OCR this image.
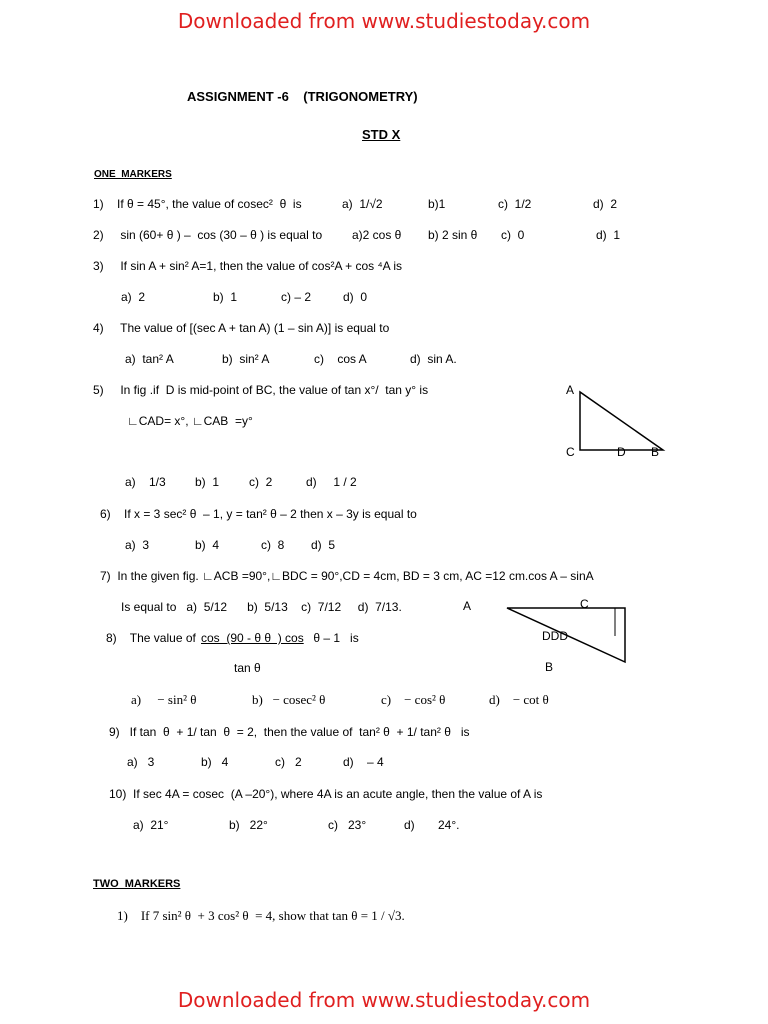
Downloaded from www.studiestoday.com
ASSIGNMENT -6    (TRIGONOMETRY)
STD X
ONE  MARKERS
1)    If θ = 45°, the value of cosec²  θ  is	a)  1/√2	b)1	c)  1/2	d)  2
2)     sin (60+ θ ) –  cos (30 – θ ) is equal to a)2 cos θ b) 2 sin θ c)  0	d)  1
3)     If sin A + sin² A=1, then the value of cos²A + cos ⁴A is
a)  2	b)  1	c) – 2	d)  0
4)     The value of [(sec A + tan A) (1 – sin A)] is equal to
a)  tan² A	b)  sin² A	c)    cos A	d)  sin A.
5)     In fig .if  D is mid-point of BC, the value of tan x°/  tan y° is
∟CAD= x°, ∟CAB  =y°
A
C	D B
a)    1/3 b)  1 c)  2	d)     1 / 2
6)    If x = 3 sec² θ  – 1, y = tan² θ – 2 then x – 3y is equal to
a)  3	b)  4	c)  8 d)  5
7)  In the given fig. ∟ACB =90°,∟BDC = 90°,CD = 4cm, BD = 3 cm, AC =12 cm.cos A – sinA
Is equal to   a)  5/12      b)  5/13    c)  7/12     d)  7/13.	A	C
DDD
B
8)    The value of cos  (90 - θ θ  ) cos θ – 1   is
tan θ
a)     − sin² θ	b)   − cosec² θ	c)    − cos² θ	d)    − cot θ
9)   If tan  θ  + 1/ tan  θ  = 2,  then the value of  tan² θ  + 1/ tan² θ   is
a)   3	b)   4	c)   2	d)    – 4
10)  If sec 4A = cosec  (A –20°), where 4A is an acute angle, then the value of A is
a)  21°	b)   22°	c)   23°	d) 24°.
TWO  MARKERS
1)    If 7 sin² θ  + 3 cos² θ  = 4, show that tan θ = 1 / √3.
Downloaded from www.studiestoday.com
